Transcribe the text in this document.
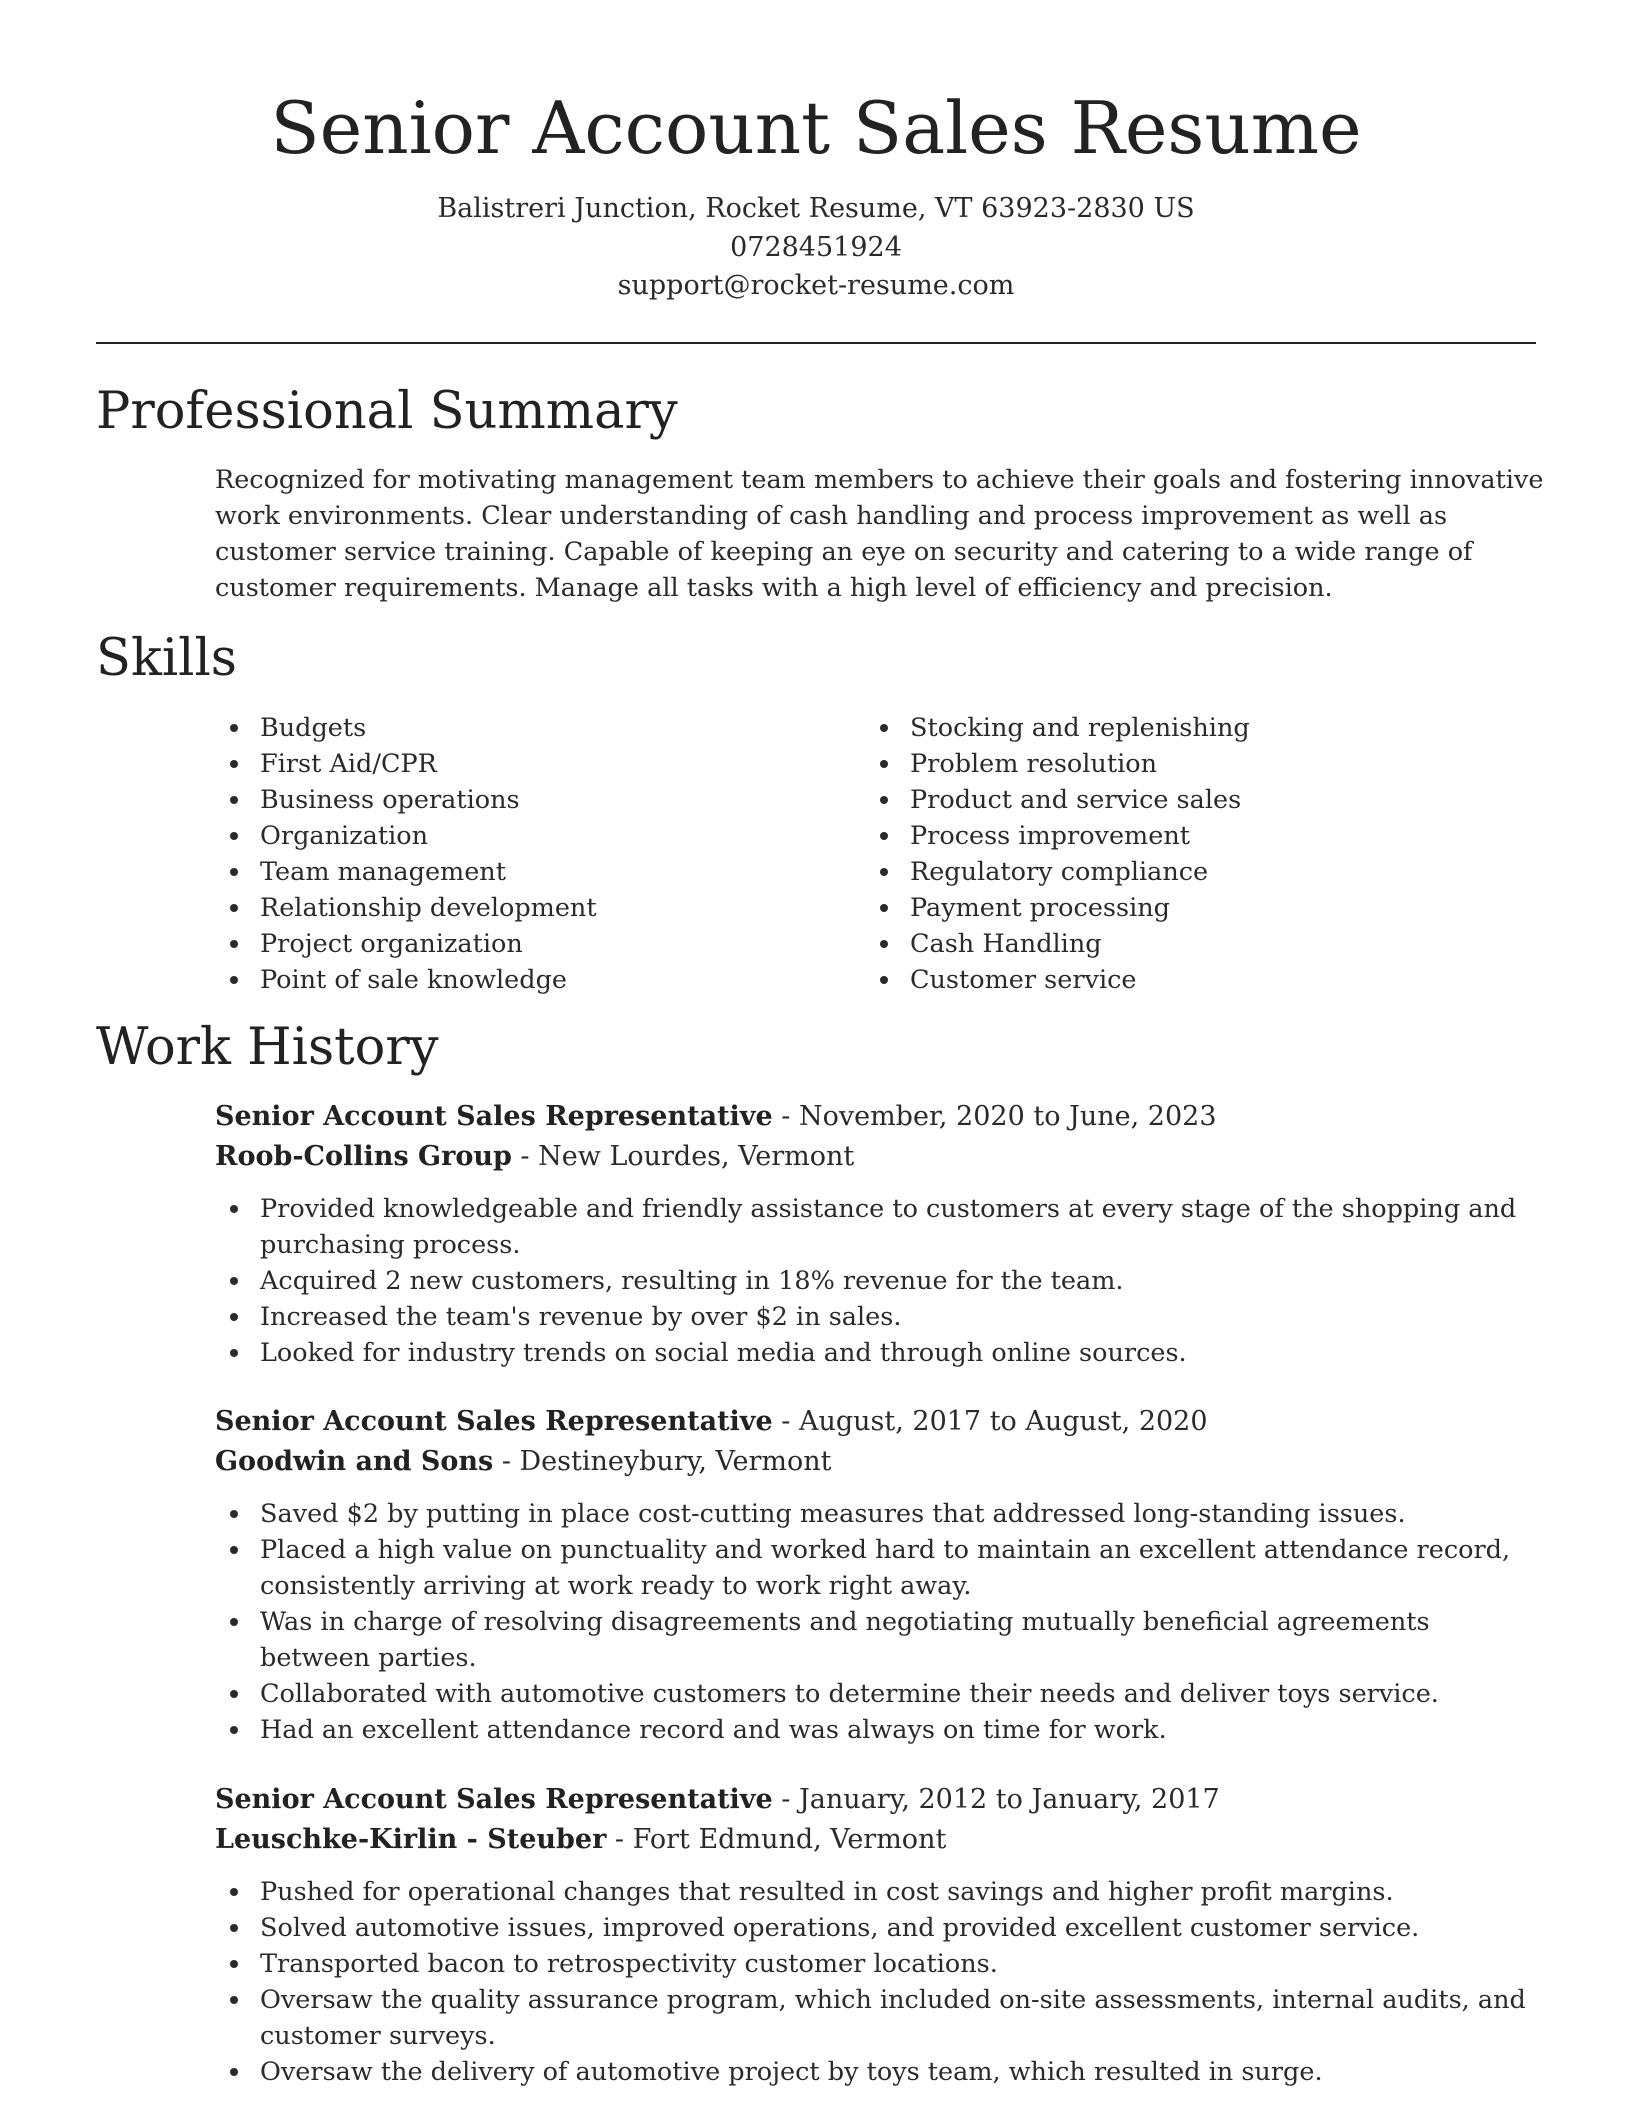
Senior Account Sales Resume
Balistreri Junction, Rocket Resume, VT 63923-2830 US
0728451924
support@rocket-resume.com
Professional Summary

Recognized for motivating management team members to achieve their goals and fostering innovative work environments. Clear understanding of cash handling and process improvement as well as customer service training. Capable of keeping an eye on security and catering to a wide range of customer requirements. Manage all tasks with a high level of efficiency and precision.

Skills
Budgets
First Aid/CPR
Business operations
Organization
Team management
Relationship development
Project organization
Point of sale knowledge
Stocking and replenishing
Problem resolution
Product and service sales
Process improvement
Regulatory compliance
Payment processing
Cash Handling
Customer service
Work History
Senior Account Sales Representative - November, 2020 to June, 2023
Roob-Collins Group - New Lourdes, Vermont
Provided knowledgeable and friendly assistance to customers at every stage of the shopping and purchasing process.
Acquired 2 new customers, resulting in 18% revenue for the team.
Increased the team's revenue by over $2 in sales.
Looked for industry trends on social media and through online sources.
Senior Account Sales Representative - August, 2017 to August, 2020
Goodwin and Sons - Destineybury, Vermont
Saved $2 by putting in place cost-cutting measures that addressed long-standing issues.
Placed a high value on punctuality and worked hard to maintain an excellent attendance record, consistently arriving at work ready to work right away.
Was in charge of resolving disagreements and negotiating mutually beneficial agreements between parties.
Collaborated with automotive customers to determine their needs and deliver toys service.
Had an excellent attendance record and was always on time for work.
Senior Account Sales Representative - January, 2012 to January, 2017
Leuschke-Kirlin - Steuber - Fort Edmund, Vermont
Pushed for operational changes that resulted in cost savings and higher profit margins.
Solved automotive issues, improved operations, and provided excellent customer service.
Transported bacon to retrospectivity customer locations.
Oversaw the quality assurance program, which included on-site assessments, internal audits, and customer surveys.
Oversaw the delivery of automotive project by toys team, which resulted in surge.
